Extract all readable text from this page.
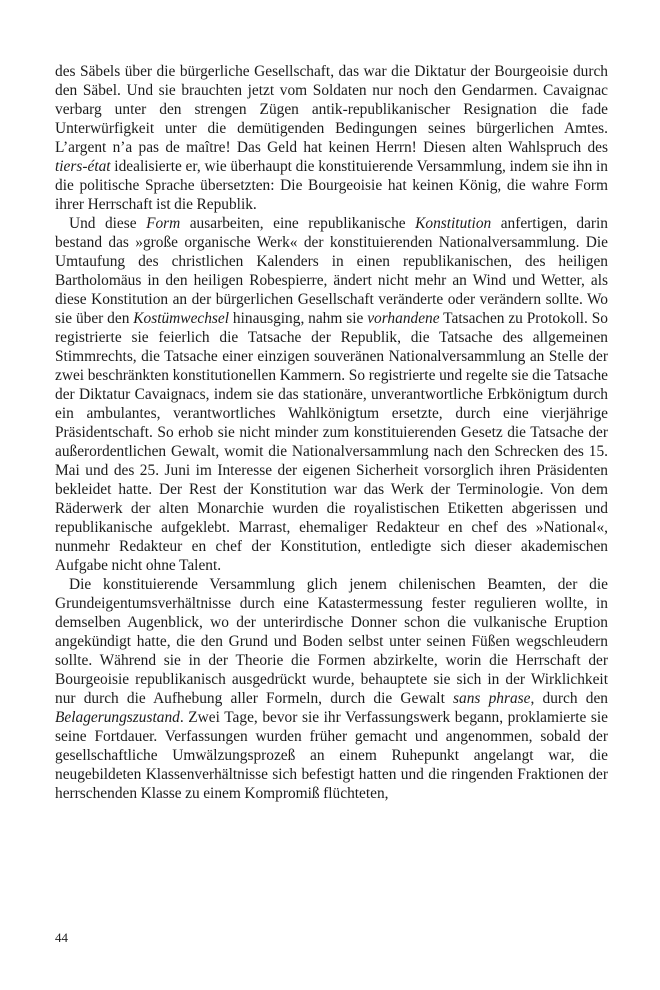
des Säbels über die bürgerliche Gesellschaft, das war die Diktatur der Bourgeoisie durch den Säbel. Und sie brauchten jetzt vom Soldaten nur noch den Gendarmen. Cavaignac verbarg unter den strengen Zügen antik-republikanischer Resignation die fade Unterwürfigkeit unter die demütigenden Bedingungen seines bürgerlichen Amtes. L’argent n’a pas de maître! Das Geld hat keinen Herrn! Diesen alten Wahlspruch des tiers-état idealisierte er, wie überhaupt die konstituierende Versammlung, indem sie ihn in die politische Sprache übersetzten: Die Bourgeoisie hat keinen König, die wahre Form ihrer Herrschaft ist die Republik.

Und diese Form ausarbeiten, eine republikanische Konstitution anfertigen, darin bestand das »große organische Werk« der konstituierenden Nationalversammlung. Die Umtaufung des christlichen Kalenders in einen republikanischen, des heiligen Bartholomäus in den heiligen Robespierre, ändert nicht mehr an Wind und Wetter, als diese Konstitution an der bürgerlichen Gesellschaft veränderte oder verändern sollte. Wo sie über den Kostümwechsel hinausging, nahm sie vorhandene Tatsachen zu Protokoll. So registrierte sie feierlich die Tatsache der Republik, die Tatsache des allgemeinen Stimmrechts, die Tatsache einer einzigen souveränen Nationalversammlung an Stelle der zwei beschränkten konstitutionellen Kammern. So registrierte und regelte sie die Tatsache der Diktatur Cavaignacs, indem sie das stationäre, unverantwortliche Erbkönigtum durch ein ambulantes, verantwortliches Wahlkönigtum ersetzte, durch eine vierjährige Präsidentschaft. So erhob sie nicht minder zum konstituierenden Gesetz die Tatsache der außerordentlichen Gewalt, womit die Nationalversammlung nach den Schrecken des 15. Mai und des 25. Juni im Interesse der eigenen Sicherheit vorsorglich ihren Präsidenten bekleidet hatte. Der Rest der Konstitution war das Werk der Terminologie. Von dem Räderwerk der alten Monarchie wurden die royalistischen Etiketten abgerissen und republikanische aufgeklebt. Marrast, ehemaliger Redakteur en chef des »National«, nunmehr Redakteur en chef der Konstitution, entledigte sich dieser akademischen Aufgabe nicht ohne Talent.

Die konstituierende Versammlung glich jenem chilenischen Beamten, der die Grundeigentumsverhältnisse durch eine Katastermessung fester regulieren wollte, in demselben Augenblick, wo der unterirdische Donner schon die vulkanische Eruption angekündigt hatte, die den Grund und Boden selbst unter seinen Füßen wegschleudern sollte. Während sie in der Theorie die Formen abzirkelte, worin die Herrschaft der Bourgeoisie republikanisch ausgedrückt wurde, behauptete sie sich in der Wirklichkeit nur durch die Aufhebung aller Formeln, durch die Gewalt sans phrase, durch den Belagerungszustand. Zwei Tage, bevor sie ihr Verfassungswerk begann, proklamierte sie seine Fortdauer. Verfassungen wurden früher gemacht und angenommen, sobald der gesellschaftliche Umwälzungsprozeß an einem Ruhepunkt angelangt war, die neugebildeten Klassenverhältnisse sich befestigt hatten und die ringenden Fraktionen der herrschenden Klasse zu einem Kompromiß flüchteten,

44
